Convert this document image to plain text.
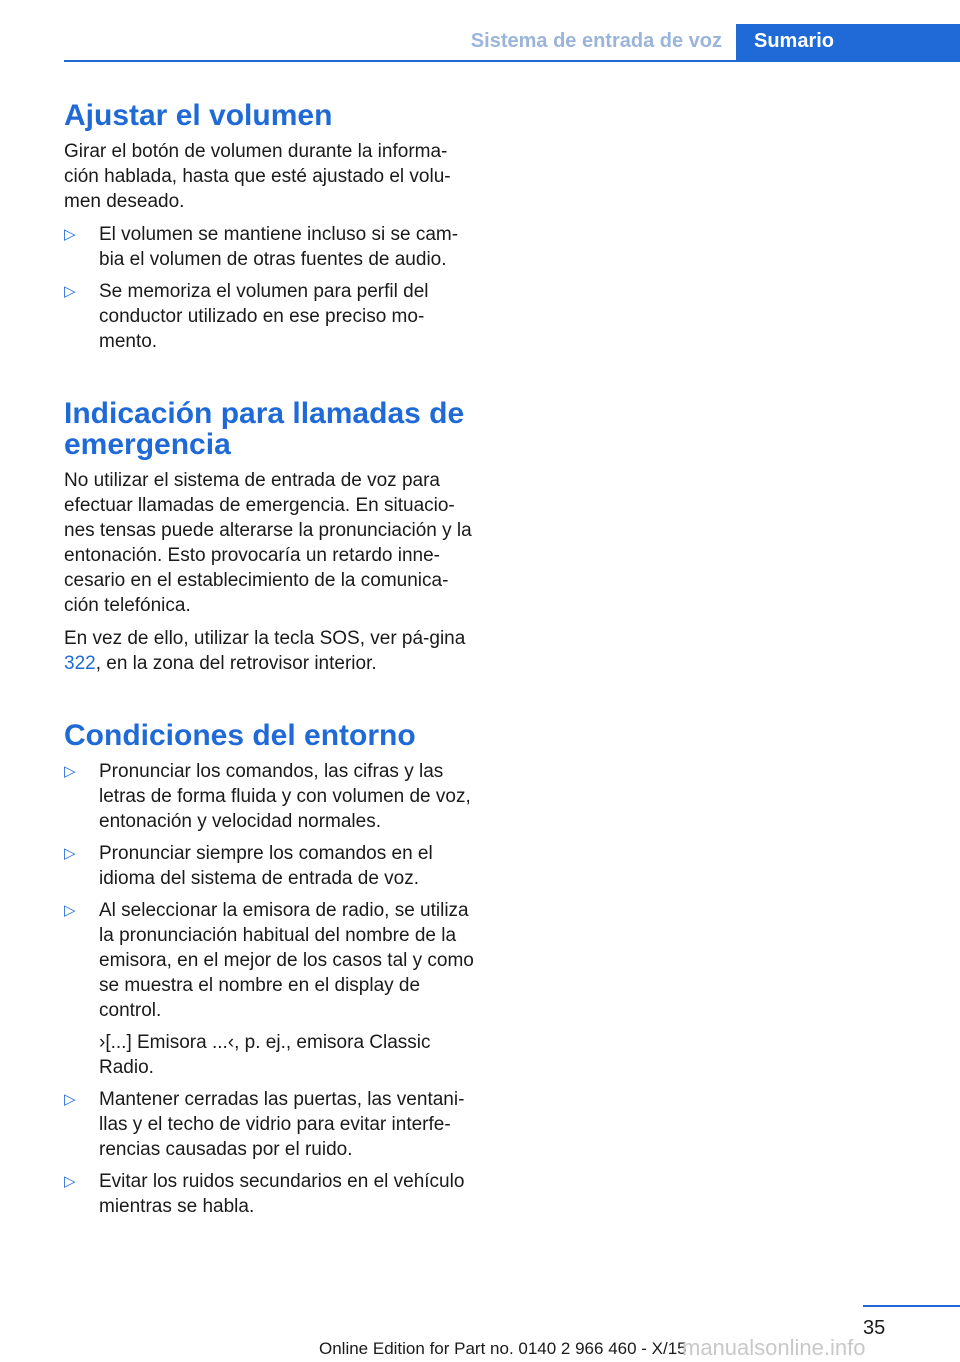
Sistema de entrada de voz	Sumario
Ajustar el volumen

Girar el botón de volumen durante la informa-ción hablada, hasta que esté ajustado el volu-men deseado.

▷ El volumen se mantiene incluso si se cam-bia el volumen de otras fuentes de audio.

▷ Se memoriza el volumen para perfil del conductor utilizado en ese preciso mo-mento.

Indicación para llamadas de emergencia

No utilizar el sistema de entrada de voz para efectuar llamadas de emergencia. En situacio-nes tensas puede alterarse la pronunciación y la entonación. Esto provocaría un retardo inne-cesario en el establecimiento de la comunica-ción telefónica.

En vez de ello, utilizar la tecla SOS, ver pá-gina 322, en la zona del retrovisor interior.

Condiciones del entorno
▷ Pronunciar los comandos, las cifras y las letras de forma fluida y con volumen de voz, entonación y velocidad normales.

▷ Pronunciar siempre los comandos en el idioma del sistema de entrada de voz.

▷ Al seleccionar la emisora de radio, se utiliza la pronunciación habitual del nombre de la emisora, en el mejor de los casos tal y como se muestra el nombre en el display de control.

›[...] Emisora ...‹, p. ej., emisora Classic Radio.

▷ Mantener cerradas las puertas, las ventani-llas y el techo de vidrio para evitar interfe-rencias causadas por el ruido.

▷ Evitar los ruidos secundarios en el vehículo mientras se habla.

35
Online Edition for Part no. 0140 2 966 460 - X/15
manualsonline.info
